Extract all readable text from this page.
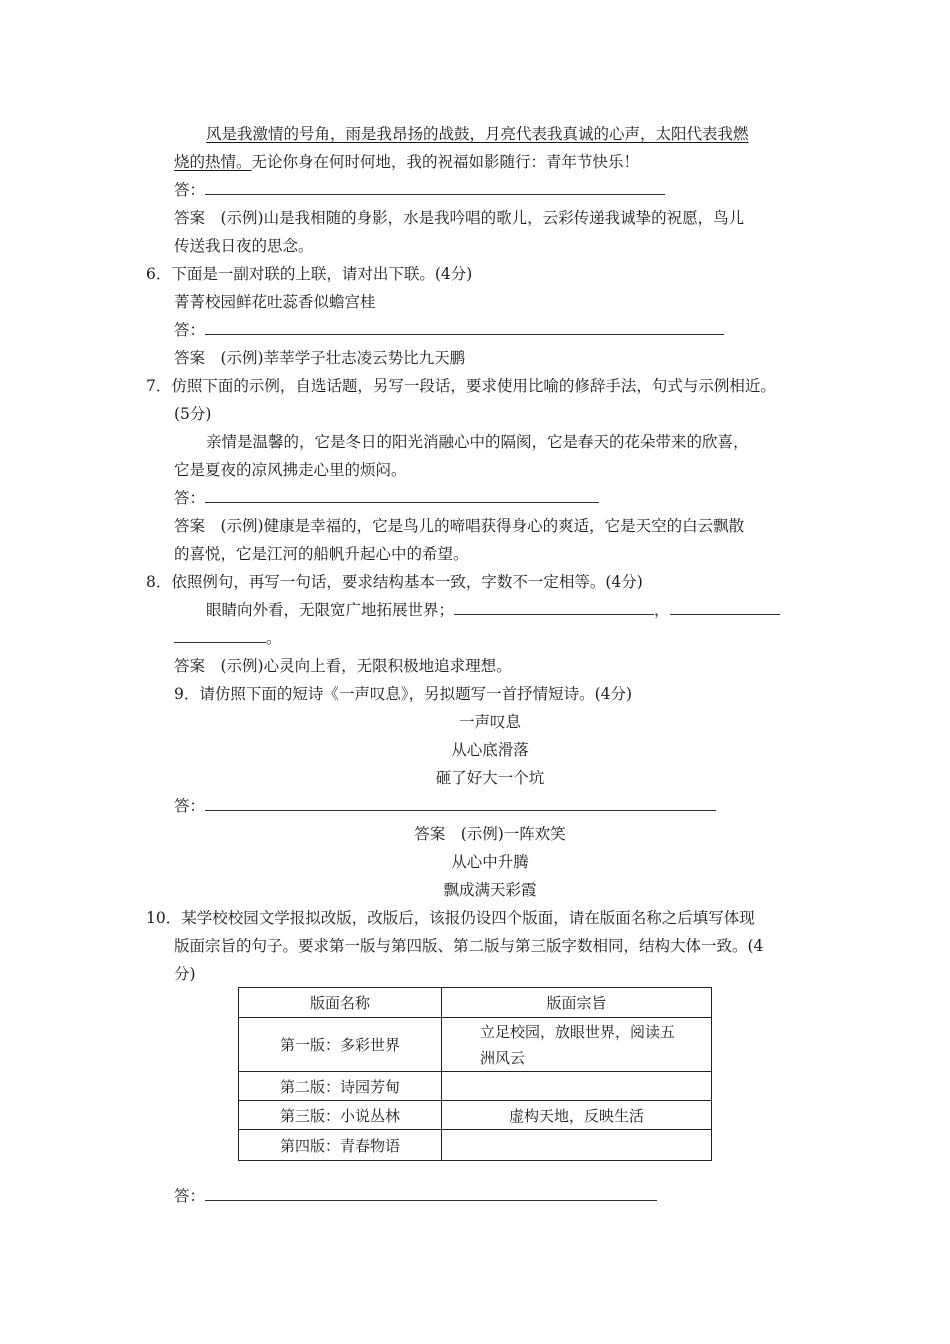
风是我激情的号角，雨是我昂扬的战鼓，月亮代表我真诚的心声，太阳代表我燃
烧的热情。无论你身在何时何地，我的祝福如影随行：青年节快乐！
答：
答案　(示例)山是我相随的身影，水是我吟唱的歌儿，云彩传递我诚挚的祝愿，鸟儿
传送我日夜的思念。
6．下面是一副对联的上联，请对出下联。(4分)
菁菁校园鲜花吐蕊香似蟾宫桂
答：
答案　(示例)莘莘学子壮志凌云势比九天鹏
7．仿照下面的示例，自选话题，另写一段话，要求使用比喻的修辞手法，句式与示例相近。
(5分)
亲情是温馨的，它是冬日的阳光消融心中的隔阂，它是春天的花朵带来的欣喜，
它是夏夜的凉风拂走心里的烦闷。
答：
答案　(示例)健康是幸福的，它是鸟儿的啼唱获得身心的爽适，它是天空的白云飘散
的喜悦，它是江河的船帆升起心中的希望。
8．依照例句，再写一句话，要求结构基本一致，字数不一定相等。(4分)
眼睛向外看，无限宽广地拓展世界；	，
。
答案　(示例)心灵向上看，无限积极地追求理想。
9．请仿照下面的短诗《一声叹息》，另拟题写一首抒情短诗。(4分)
一声叹息
从心底滑落
砸了好大一个坑
答：
答案　(示例)一阵欢笑
从心中升腾
飘成满天彩霞
10．某学校校园文学报拟改版，改版后，该报仍设四个版面，请在版面名称之后填写体现
版面宗旨的句子。要求第一版与第四版、第二版与第三版字数相同，结构大体一致。(4
分)
版面名称	版面宗旨
第一版：多彩世界	立足校园，放眼世界，阅读五
洲风云

第二版：诗园芳甸	
第三版：小说丛林	虚构天地，反映生活
第四版：青春物语	
答：
